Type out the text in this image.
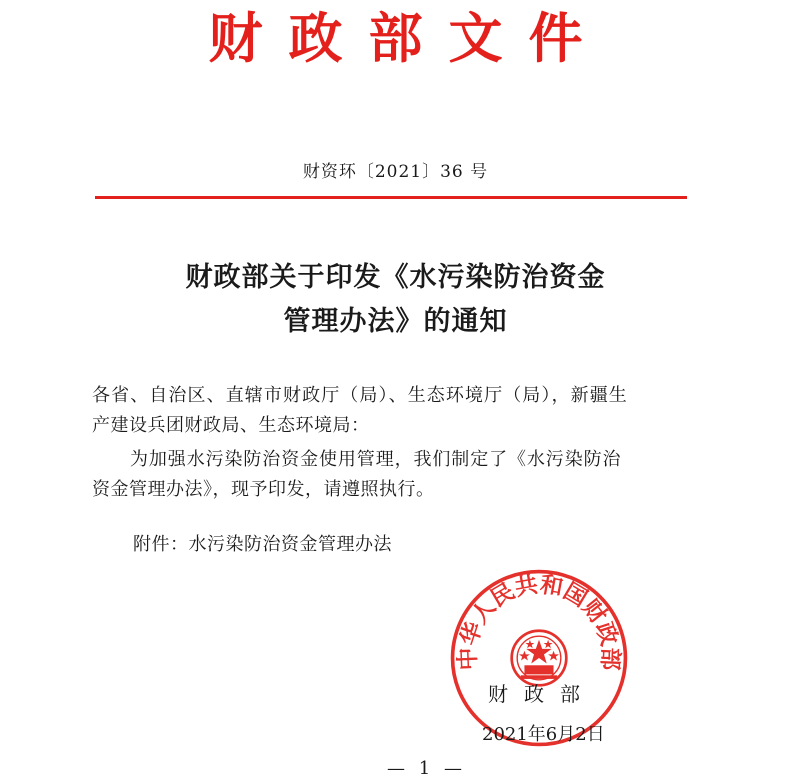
财政部文件
财资环〔2021〕36 号
财政部关于印发《水污染防治资金
管理办法》的通知
各省、自治区、直辖市财政厅（局）、生态环境厅（局），新疆生
产建设兵团财政局、生态环境局：
为加强水污染防治资金使用管理，我们制定了《水污染防治
资金管理办法》，现予印发，请遵照执行。
附件：水污染防治资金管理办法
中华人民共和国财政部
财政部
2021年6月2日
— 1 —
